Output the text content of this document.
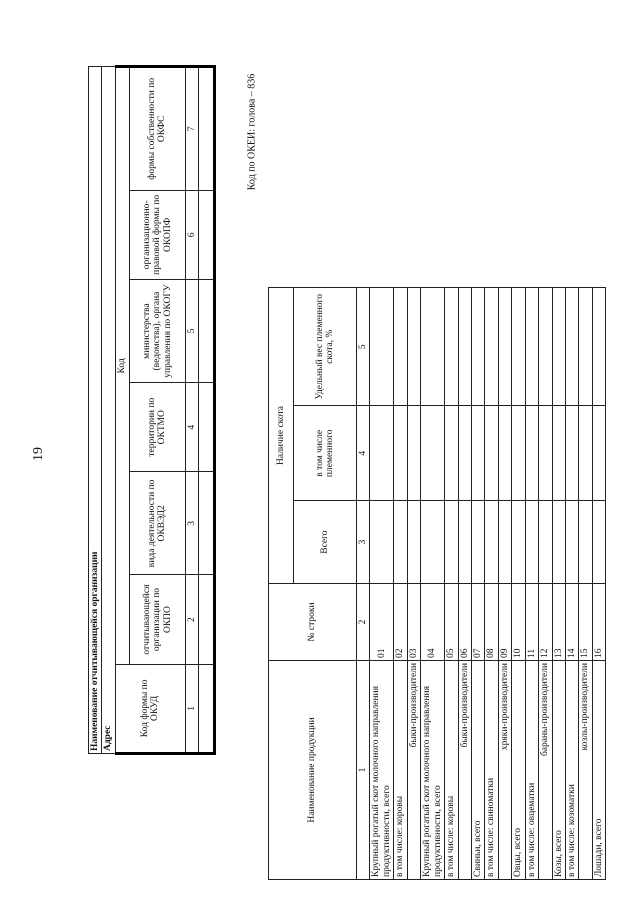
19
Код по ОКЕИ: голова – 836
Наименование отчитывающейся организации						
Адрес						
Код формы по ОКУД	Код					
	отчитывающейся организации по ОКПО	вида деятельности по ОКВЭД2	территории по ОКТМО	министерства (ведомства), органа управления по ОКОГУ	организационно-правовой формы по ОКОПФ	формы собственности по ОКФС
1	2	3	4	5	6	7

Наименование продукции	№ строки	Наличие скота		
		Всего	в том числе племенного	Удельный вес племенного скота, %
1	2	3	4	5
Крупный рогатый скот молочного направления продуктивности, всего	01			
в том числе: коровы	02			
быки-производители	03			
Крупный рогатый скот молочного направления продуктивности, всего	04			
в том числе: коровы	05			
быки-производители	06			
Свиньи, всего	07			
в том числе: свиноматки	08			
хряки-производители	09			
Овцы, всего	10			
в том числе: овцематки	11			
бараны-производители	12			
Козы, всего	13			
в том числе: козоматки	14			
козлы-производители	15			
Лошади, всего	16			
